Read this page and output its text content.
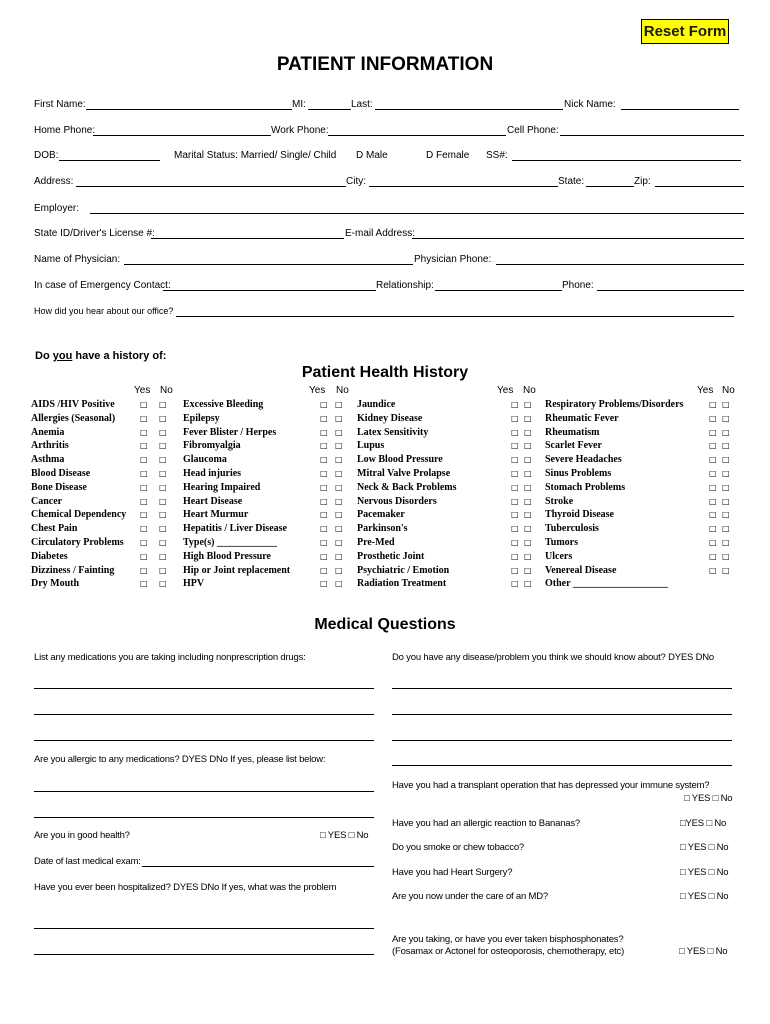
Reset Form
PATIENT INFORMATION
First Name:	MI:	Last:	Nick Name:
Home Phone:	Work Phone:	Cell Phone:
DOB:	Marital Status: Married/ Single/ Child D Male	D Female SS#:
Address:	City:	State:	Zip:
Employer:
State ID/Driver's License #:	E-mail Address:
Name of Physician:	Physician Phone:
In case of Emergency Contact:	Relationship:	Phone:
How did you hear about our office?
Do you have a history of:
Patient Health History
Yes No
AIDS /HIV Positive	□ □
Allergies (Seasonal)	□ □
Anemia	□ □
Arthritis	□ □
Asthma	□ □
Blood Disease	□ □
Bone Disease	□ □
Cancer	□ □
Chemical Dependency □ □
Chest Pain	□ □
Circulatory Problems □ □
Diabetes	□ □
Dizziness / Fainting	□ □
Dry Mouth	□ □
Yes No
Excessive Bleeding	□ □
Epilepsy	□ □
Fever Blister / Herpes	□ □
Fibromyalgia	□ □
Glaucoma	□ □
Head injuries	□ □
Hearing Impaired	□ □
Heart Disease	□ □
Heart Murmur	□ □
Hepatitis / Liver Disease	□ □
Type(s) ____________	□ □
High Blood Pressure	□ □
Hip or Joint replacement	□ □
HPV	□ □
Yes No
Jaundice	□ □
Kidney Disease	□ □
Latex Sensitivity	□ □
Lupus	□ □
Low Blood Pressure	□ □
Mitral Valve Prolapse	□ □
Neck & Back Problems	□ □
Nervous Disorders	□ □
Pacemaker	□ □
Parkinson's	□ □
Pre-Med	□ □
Prosthetic Joint	□ □
Psychiatric / Emotion	□ □
Radiation Treatment	□ □
Yes No
Respiratory Problems/Disorders	□ □
Rheumatic Fever	□ □
Rheumatism	□ □
Scarlet Fever	□ □
Severe Headaches	□ □
Sinus Problems	□ □
Stomach Problems	□ □
Stroke	□ □
Thyroid Disease	□ □
Tuberculosis	□ □
Tumors	□ □
Ulcers	□ □
Venereal Disease	□ □
Other ___________________
Medical Questions
List any medications you are taking including nonprescription drugs:	Do you have any disease/problem you think we should know about? DYES DNo
Are you allergic to any medications? DYES DNo If yes, please list below:
Have you had a transplant operation that has depressed your immune system?
□ YES □ No
Have you had an allergic reaction to Bananas?	□YES □ No
Are you in good health?	□ YES □ No
Do you smoke or chew tobacco?	□ YES □ No
Date of last medical exam:
Have you had Heart Surgery?	□ YES □ No
Have you ever been hospitalized? DYES DNo If yes, what was the problem
Are you now under the care of an MD?	□ YES □ No
Are you taking, or have you ever taken bisphosphonates?
(Fosamax or Actonel for osteoporosis, chemotherapy, etc)	□ YES □ No
